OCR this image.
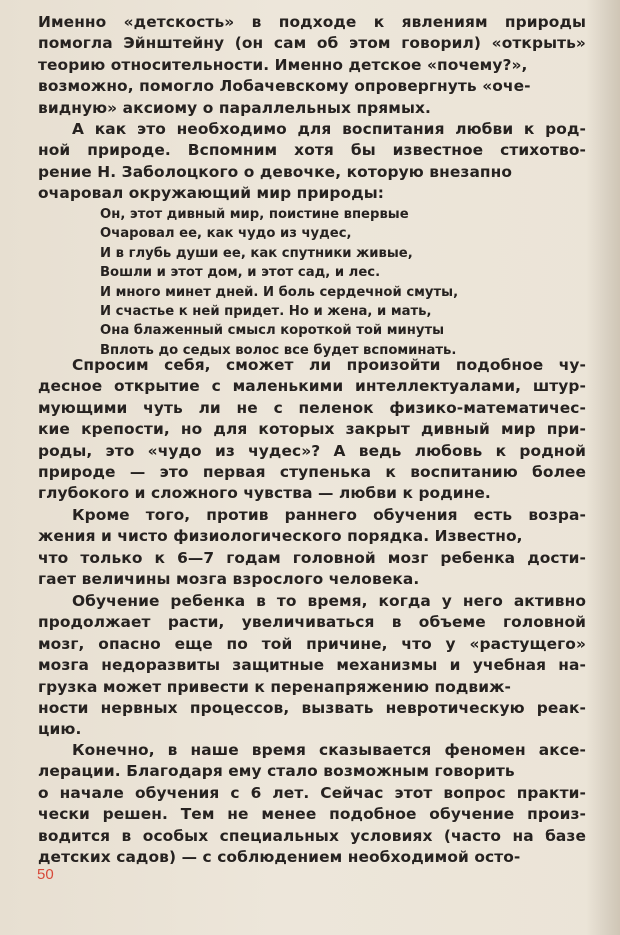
Именно «детскость» в подходе к явлениям природы
помогла Эйнштейну (он сам об этом говорил) «открыть»
теорию относительности. Именно детское «почему?»,
возможно, помогло Лобачевскому опровергнуть «оче-
видную» аксиому о параллельных прямых.
А как это необходимо для воспитания любви к род-
ной природе. Вспомним хотя бы известное стихотво-
рение Н. Заболоцкого о девочке, которую внезапно
очаровал окружающий мир природы:
Он, этот дивный мир, поистине впервые
Очаровал ее, как чудо из чудес,
И в глубь души ее, как спутники живые,
Вошли и этот дом, и этот сад, и лес.
И много минет дней. И боль сердечной смуты,
И счастье к ней придет. Но и жена, и мать,
Она блаженный смысл короткой той минуты
Вплоть до седых волос все будет вспоминать.
Спросим себя, сможет ли произойти подобное чу-
десное открытие с маленькими интеллектуалами, штур-
мующими чуть ли не с пеленок физико-математичес-
кие крепости, но для которых закрыт дивный мир при-
роды, это «чудо из чудес»? А ведь любовь к родной
природе — это первая ступенька к воспитанию более
глубокого и сложного чувства — любви к родине.
Кроме того, против раннего обучения есть возра-
жения и чисто физиологического порядка. Известно,
что только к 6—7 годам головной мозг ребенка дости-
гает величины мозга взрослого человека.
Обучение ребенка в то время, когда у него активно
продолжает расти, увеличиваться в объеме головной
мозг, опасно еще по той причине, что у «растущего»
мозга недоразвиты защитные механизмы и учебная на-
грузка может привести к перенапряжению подвиж-
ности нервных процессов, вызвать невротическую реак-
цию.
Конечно, в наше время сказывается феномен аксе-
лерации. Благодаря ему стало возможным говорить
о начале обучения с 6 лет. Сейчас этот вопрос практи-
чески решен. Тем не менее подобное обучение произ-
водится в особых специальных условиях (часто на базе
детских садов) — с соблюдением необходимой осто-
50
